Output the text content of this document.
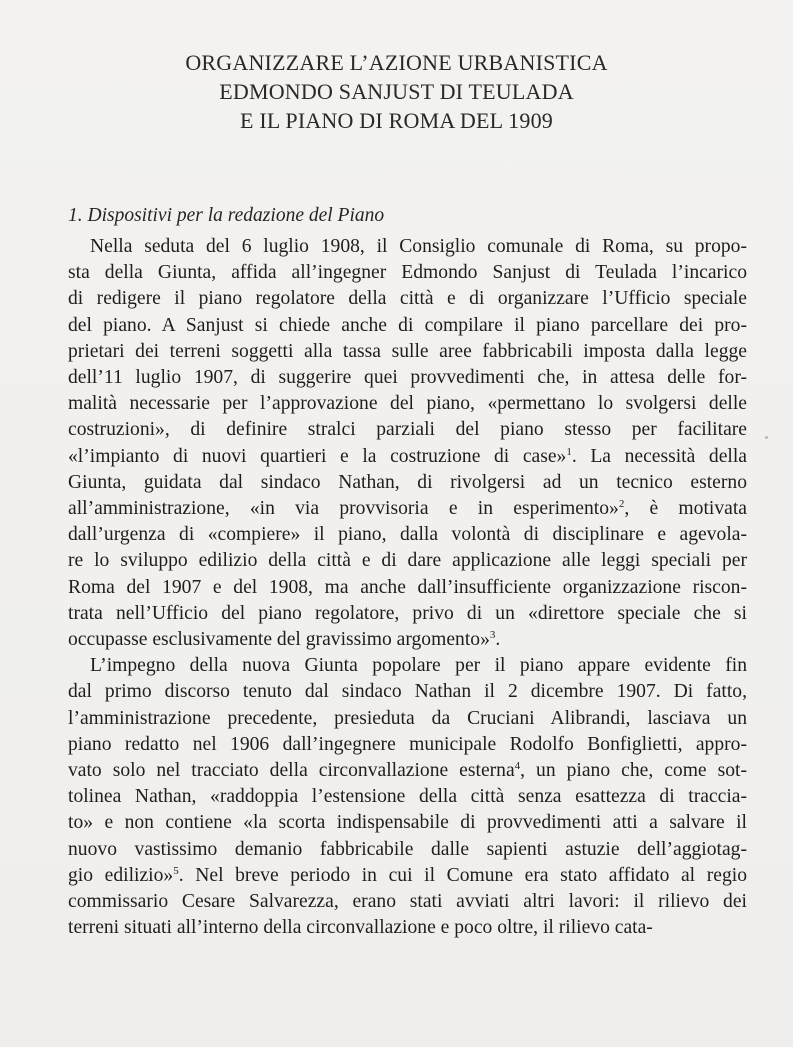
ORGANIZZARE L’AZIONE URBANISTICA
EDMONDO SANJUST DI TEULADA
E IL PIANO DI ROMA DEL 1909
1. Dispositivi per la redazione del Piano
Nella seduta del 6 luglio 1908, il Consiglio comunale di Roma, su propo-
sta della Giunta, affida all’ingegner Edmondo Sanjust di Teulada l’incarico
di redigere il piano regolatore della città e di organizzare l’Ufficio speciale
del piano. A Sanjust si chiede anche di compilare il piano parcellare dei pro-
prietari dei terreni soggetti alla tassa sulle aree fabbricabili imposta dalla legge
dell’11 luglio 1907, di suggerire quei provvedimenti che, in attesa delle for-
malità necessarie per l’approvazione del piano, «permettano lo svolgersi delle
costruzioni», di definire stralci parziali del piano stesso per facilitare
«l’impianto di nuovi quartieri e la costruzione di case»$^1$. La necessità della
Giunta, guidata dal sindaco Nathan, di rivolgersi ad un tecnico esterno
all’amministrazione, «in via provvisoria e in esperimento»$^2$, è motivata
dall’urgenza di «compiere» il piano, dalla volontà di disciplinare e agevola-
re lo sviluppo edilizio della città e di dare applicazione alle leggi speciali per
Roma del 1907 e del 1908, ma anche dall’insufficiente organizzazione riscon-
trata nell’Ufficio del piano regolatore, privo di un «direttore speciale che si
occupasse esclusivamente del gravissimo argomento»$^3$.
L’impegno della nuova Giunta popolare per il piano appare evidente fin
dal primo discorso tenuto dal sindaco Nathan il 2 dicembre 1907. Di fatto,
l’amministrazione precedente, presieduta da Cruciani Alibrandi, lasciava un
piano redatto nel 1906 dall’ingegnere municipale Rodolfo Bonfiglietti, appro-
vato solo nel tracciato della circonvallazione esterna$^4$, un piano che, come sot-
tolinea Nathan, «raddoppia l’estensione della città senza esattezza di tracciа-
to» e non contiene «la scorta indispensabile di provvedimenti atti a salvare il
nuovo vastissimo demanio fabbricabile dalle sapienti astuzie dell’aggiotag-
gio edilizio»$^5$. Nel breve periodo in cui il Comune era stato affidato al regio
commissario Cesare Salvarezza, erano stati avviati altri lavori: il rilievo dei
terreni situati all’interno della circonvallazione e poco oltre, il rilievo cata-
